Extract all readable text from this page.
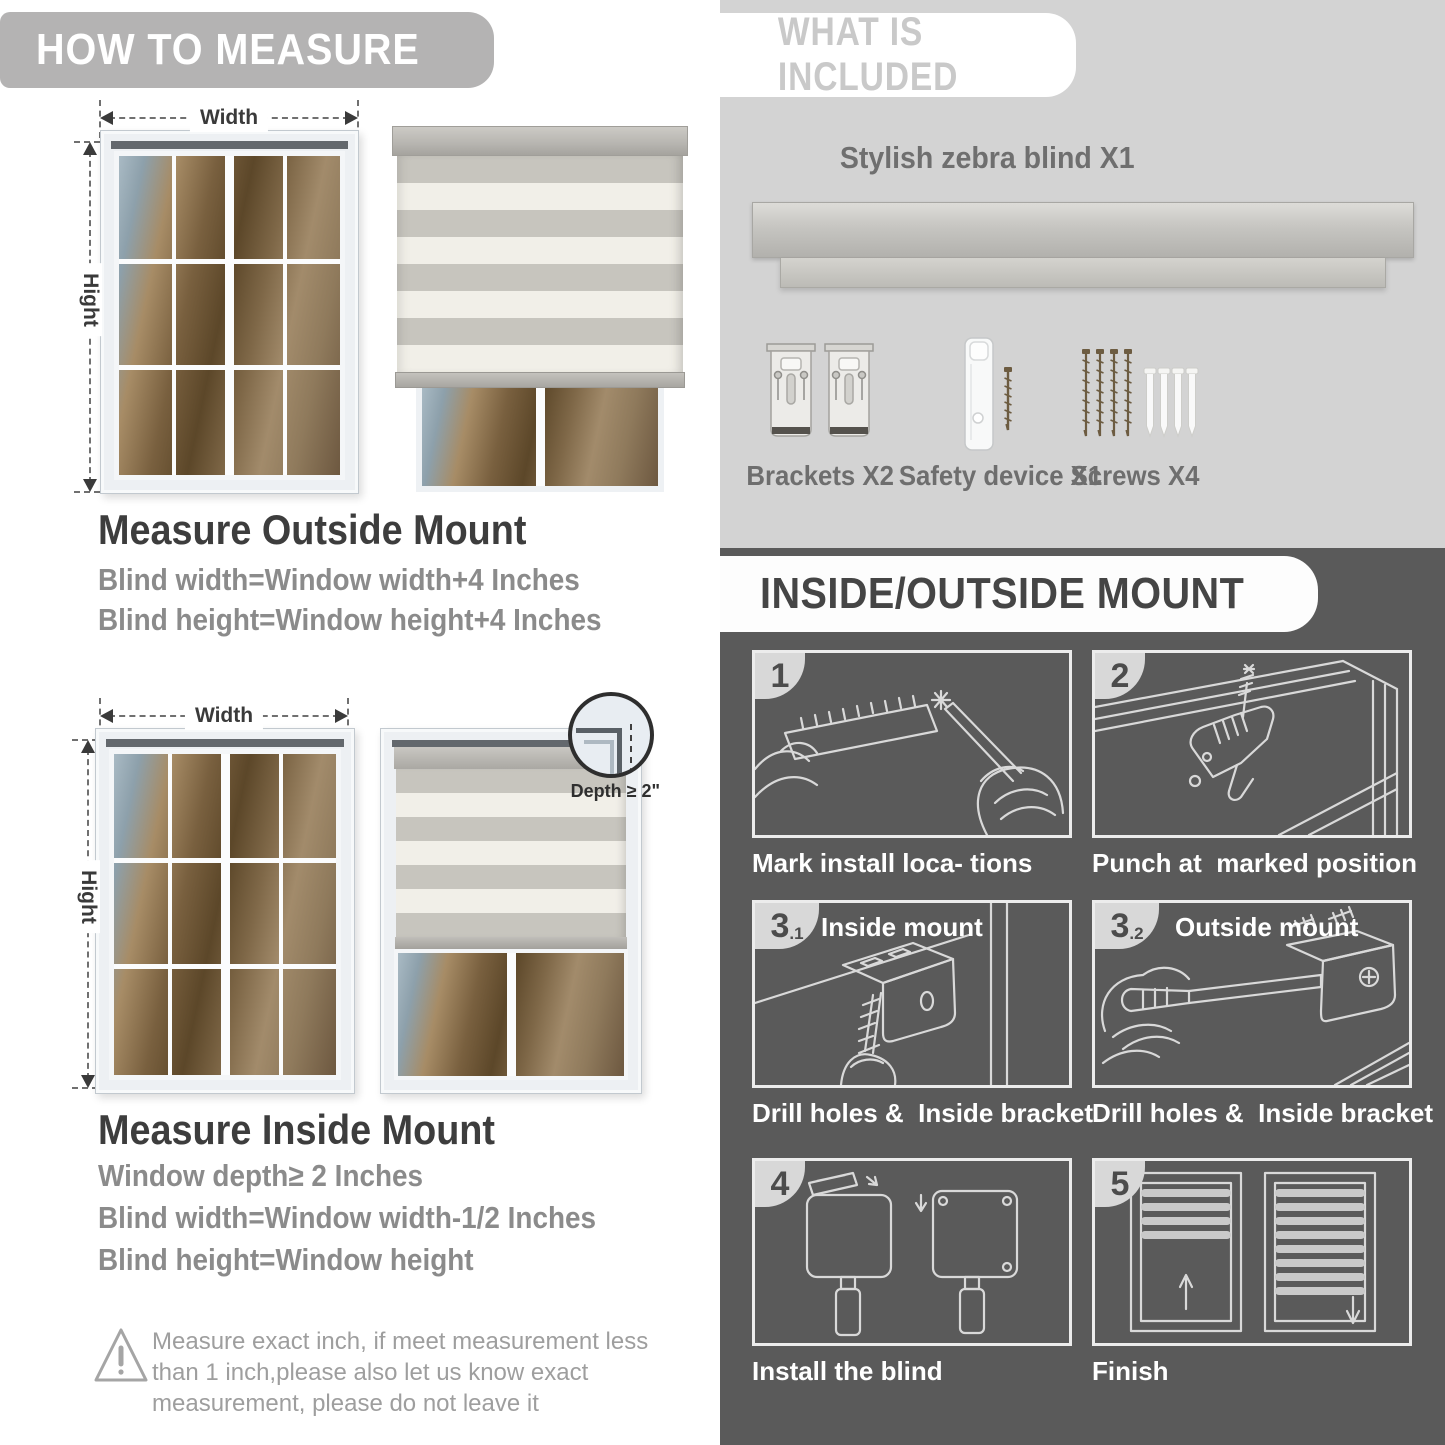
HOW TO MEASURE
Width
Hight
Measure Outside Mount
Blind width=Window width+4 Inches
Blind height=Window height+4 Inches
Width
Hight
Depth ≥ 2"
Measure Inside Mount
Window depth≥ 2 Inches
Blind width=Window width-1/2 Inches
Blind height=Window height
Measure exact inch, if meet measurement less
than 1 inch,please also let us know exact
measurement, please do not leave it
WHAT IS INCLUDED
Stylish zebra blind X1
Brackets X2 Safety device X1
Screws X4
INSIDE/OUTSIDE MOUNT
1
Mark install loca- tions
2
Punch at  marked position
3 .1 Inside mount
Drill holes &  Inside bracket
3 .2 Outside mount
Drill holes &  Inside bracket
4
Install the blind
5
Finish
